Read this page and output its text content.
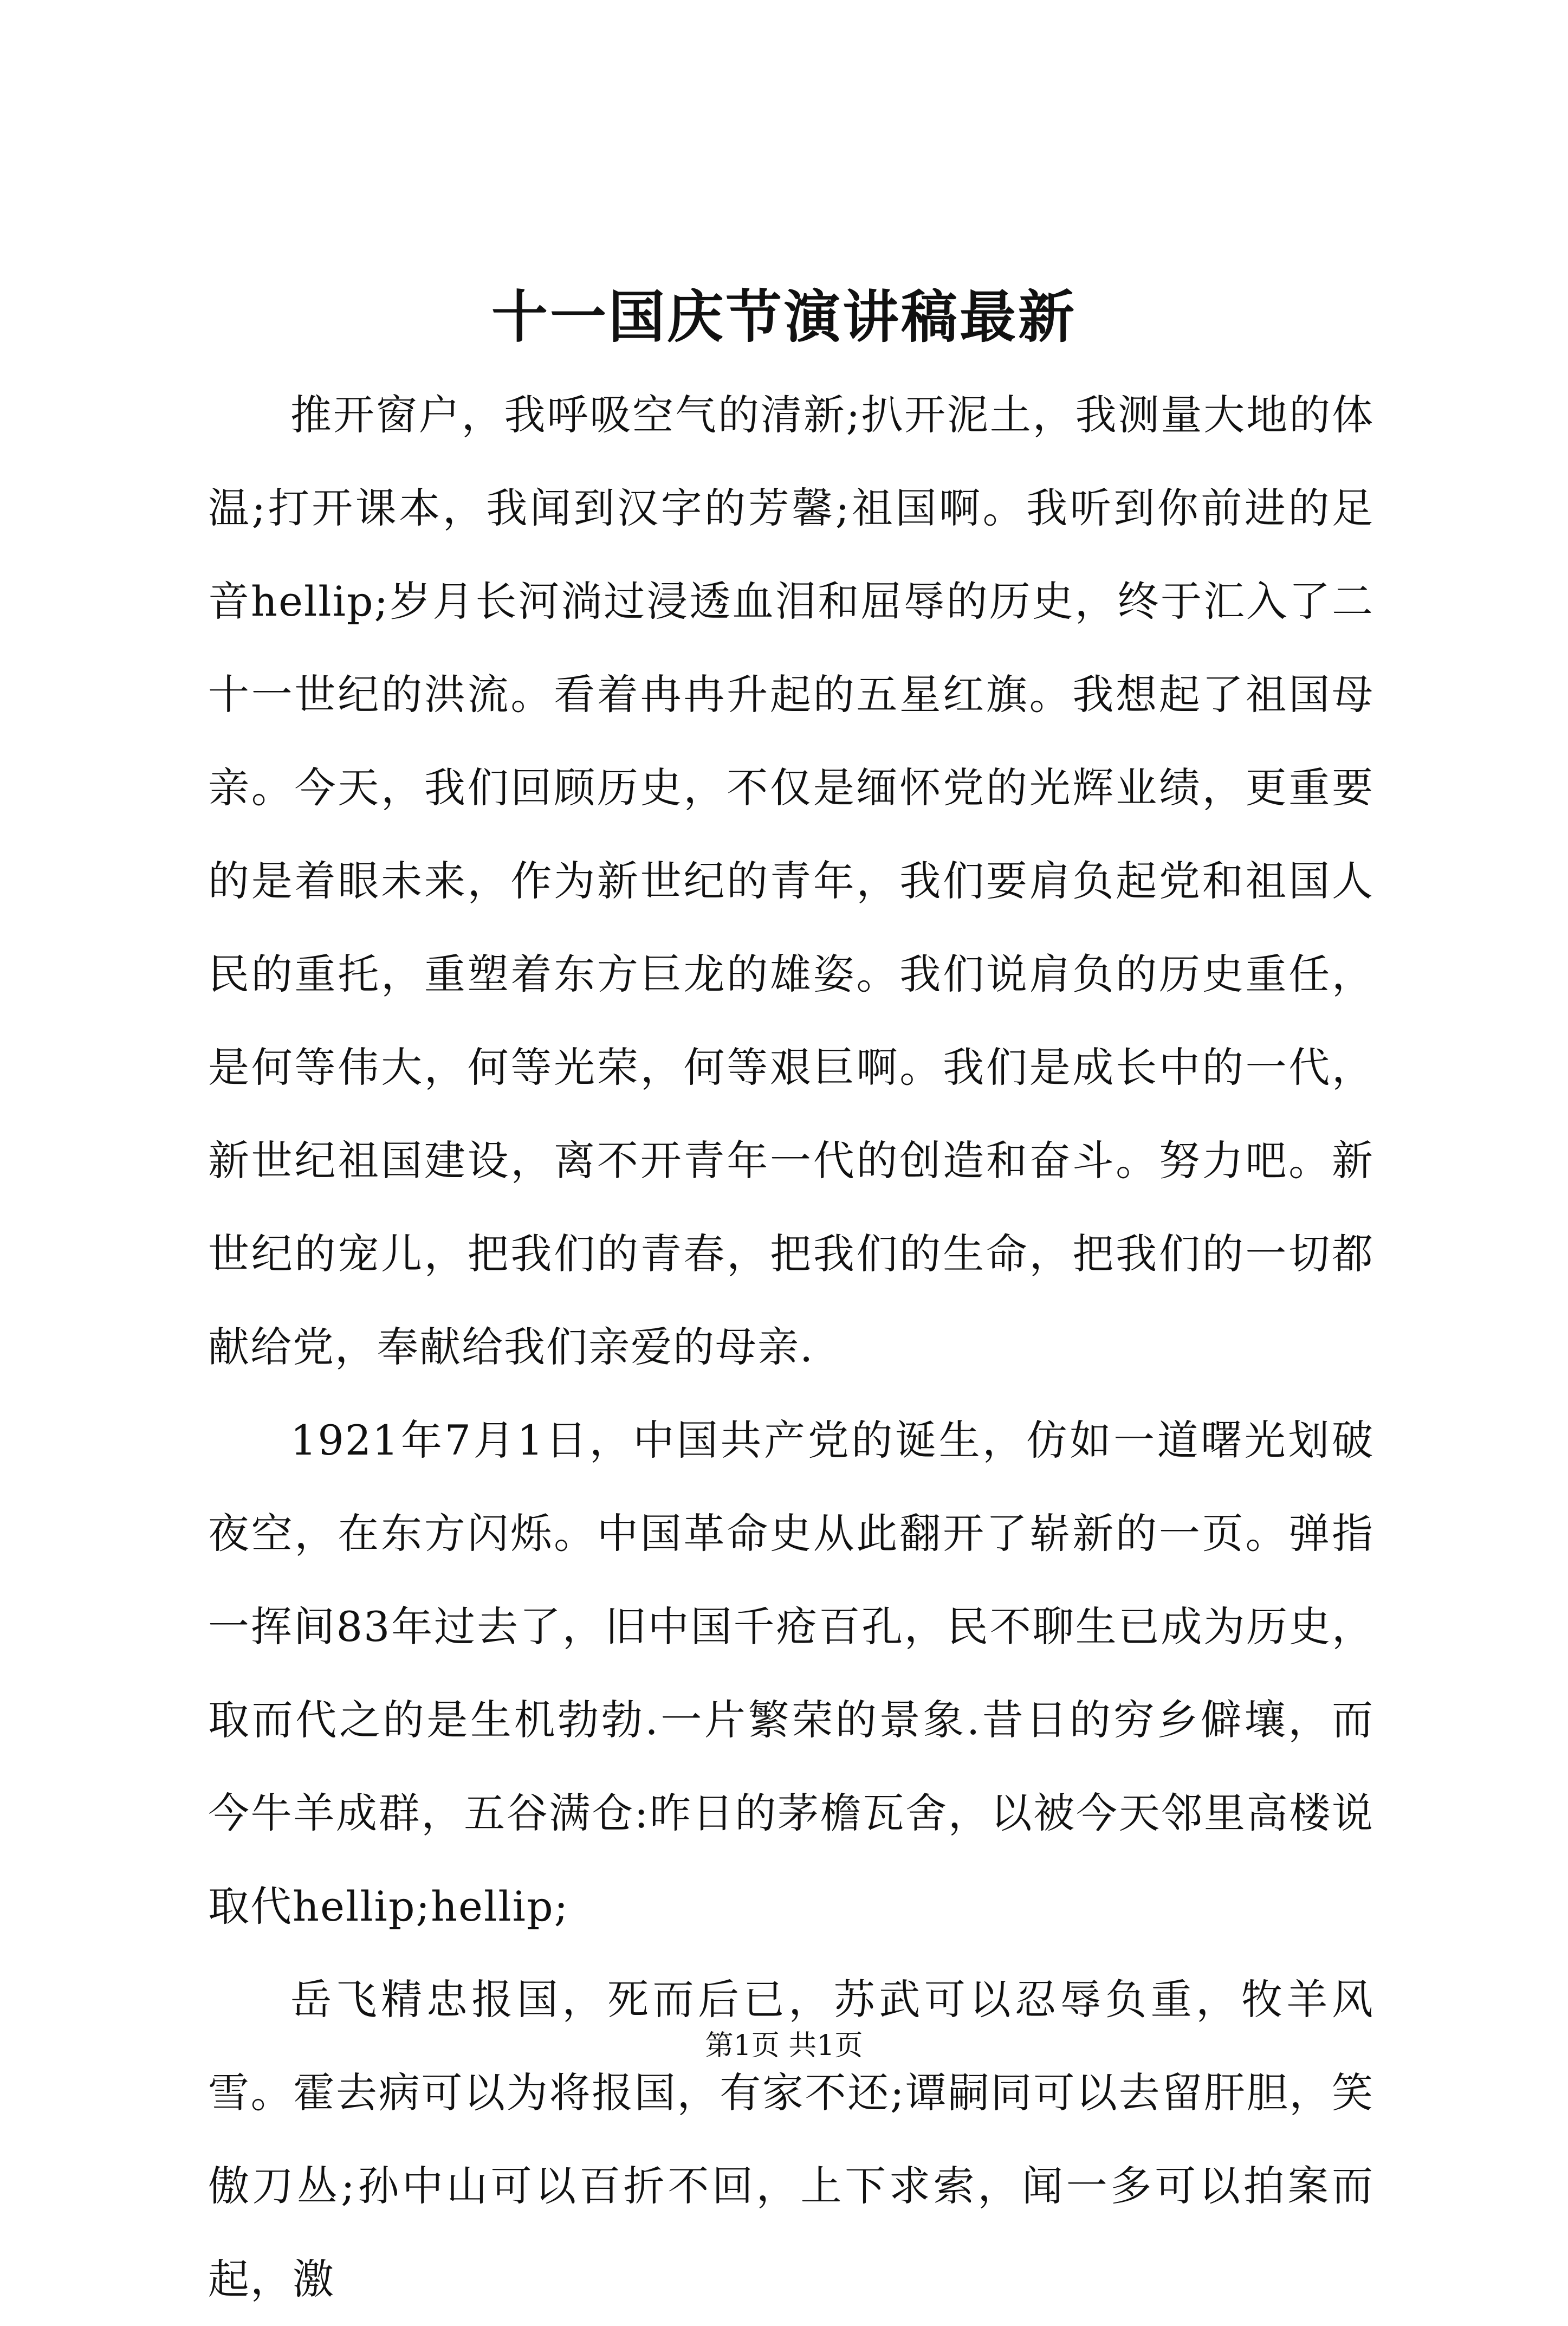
十一国庆节演讲稿最新

推开窗户，我呼吸空气的清新;扒开泥土，我测量大地的体温;打开课本，我闻到汉字的芳馨;祖国啊。我听到你前进的足音hellip;岁月长河淌过浸透血泪和屈辱的历史，终于汇入了二十一世纪的洪流。看着冉冉升起的五星红旗。我想起了祖国母亲。今天，我们回顾历史，不仅是缅怀党的光辉业绩，更重要的是着眼未来，作为新世纪的青年，我们要肩负起党和祖国人民的重托，重塑着东方巨龙的雄姿。我们说肩负的历史重任，是何等伟大，何等光荣，何等艰巨啊。我们是成长中的一代，新世纪祖国建设，离不开青年一代的创造和奋斗。努力吧。新世纪的宠儿，把我们的青春，把我们的生命，把我们的一切都献给党，奉献给我们亲爱的母亲.

1921年7月1日，中国共产党的诞生，仿如一道曙光划破夜空，在东方闪烁。中国革命史从此翻开了崭新的一页。弹指一挥间83年过去了，旧中国千疮百孔，民不聊生已成为历史，取而代之的是生机勃勃.一片繁荣的景象.昔日的穷乡僻壤，而今牛羊成群，五谷满仓:昨日的茅檐瓦舍，以被今天邻里高楼说取代hellip;hellip;

岳飞精忠报国，死而后已，苏武可以忍辱负重，牧羊风雪。霍去病可以为将报国，有家不还;谭嗣同可以去留肝胆，笑傲刀丛;孙中山可以百折不回，上下求索，闻一多可以拍案而起，激

第1页 共1页
